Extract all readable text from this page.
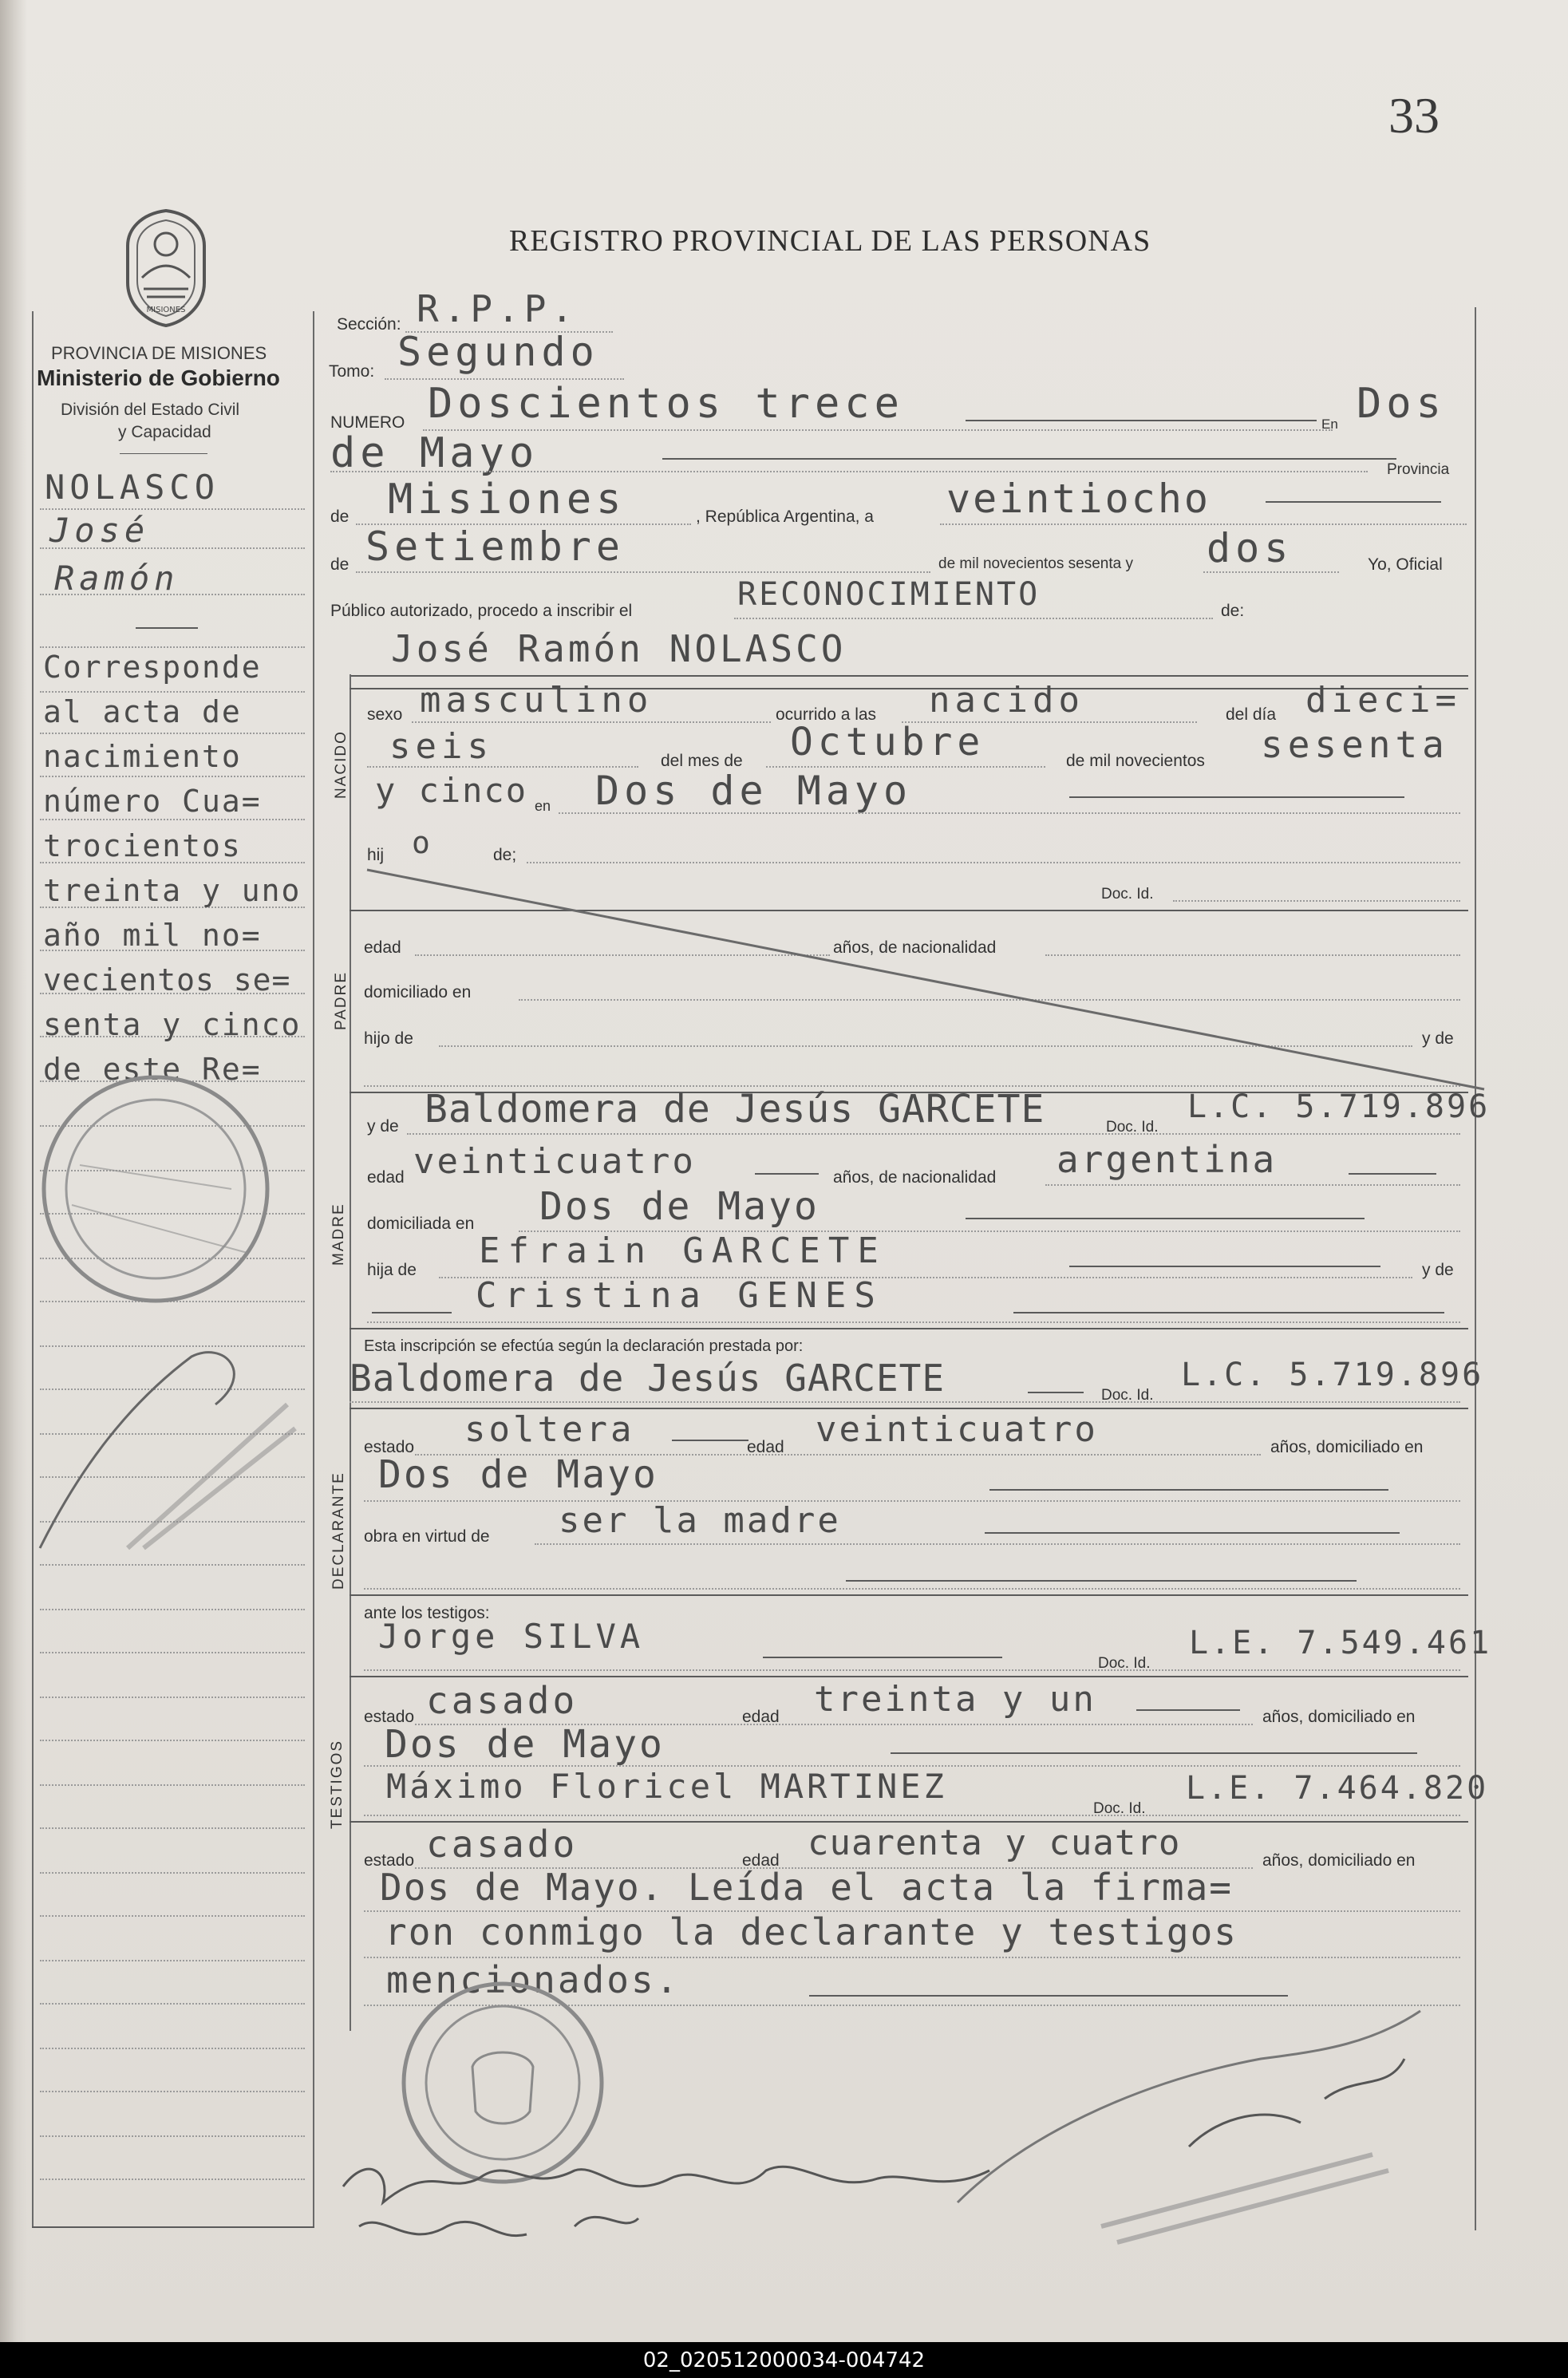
33
REGISTRO PROVINCIAL DE LAS PERSONAS
MISIONES
PROVINCIA DE MISIONES
Ministerio de Gobierno
División del Estado Civil
y Capacidad
NOLASCO
José
Ramón
Corresponde
al acta de
nacimiento
número Cua=
trocientos
treinta y uno
año mil no=
vecientos se=
senta y cinco
de este Re=
Sección: R.P.P.
Tomo: Segundo
NUMERO Doscientos trece	En Dos
de Mayo	Provincia
de Misiones	, República Argentina, a veintiocho
de Setiembre	de mil novecientos sesenta y dos	Yo, Oficial
Público autorizado, procedo a inscribir el	RECONOCIMIENTO	de:
José Ramón NOLASCO
NACIDO
sexo masculino	ocurrido a las nacido	del día dieci=
seis	del mes de Octubre	de mil novecientos sesenta
y cinco en Dos de Mayo
hij o	de;
Doc. Id.
PADRE
edad	años, de nacionalidad
domiciliado en
hijo de	y de
MADRE
y de Baldomera de Jesús GARCETE	Doc. Id.
L.C. 5.719.896
edad veinticuatro	años, de nacionalidad argentina
domiciliada en Dos de Mayo
hija de Efrain GARCETE	y de
Cristina GENES
Esta inscripción se efectúa según la declaración prestada por:
Baldomera de Jesús GARCETE	Doc. Id.
L.C. 5.719.896
DECLARANTE
estado soltera	edad veinticuatro	años, domiciliado en
Dos de Mayo
obra en virtud de ser la madre
ante los testigos:
Jorge SILVA
Doc. Id.
L.E. 7.549.461
TESTIGOS
estado casado	edad treinta y un	años, domiciliado en
Dos de Mayo
Máximo Floricel MARTINEZ
Doc. Id.
L.E. 7.464.820
estado casado	edad cuarenta y cuatro	años, domiciliado en
Dos de Mayo. Leída el acta la firma=
ron conmigo la declarante y testigos
mencionados.
02_020512000034-004742
